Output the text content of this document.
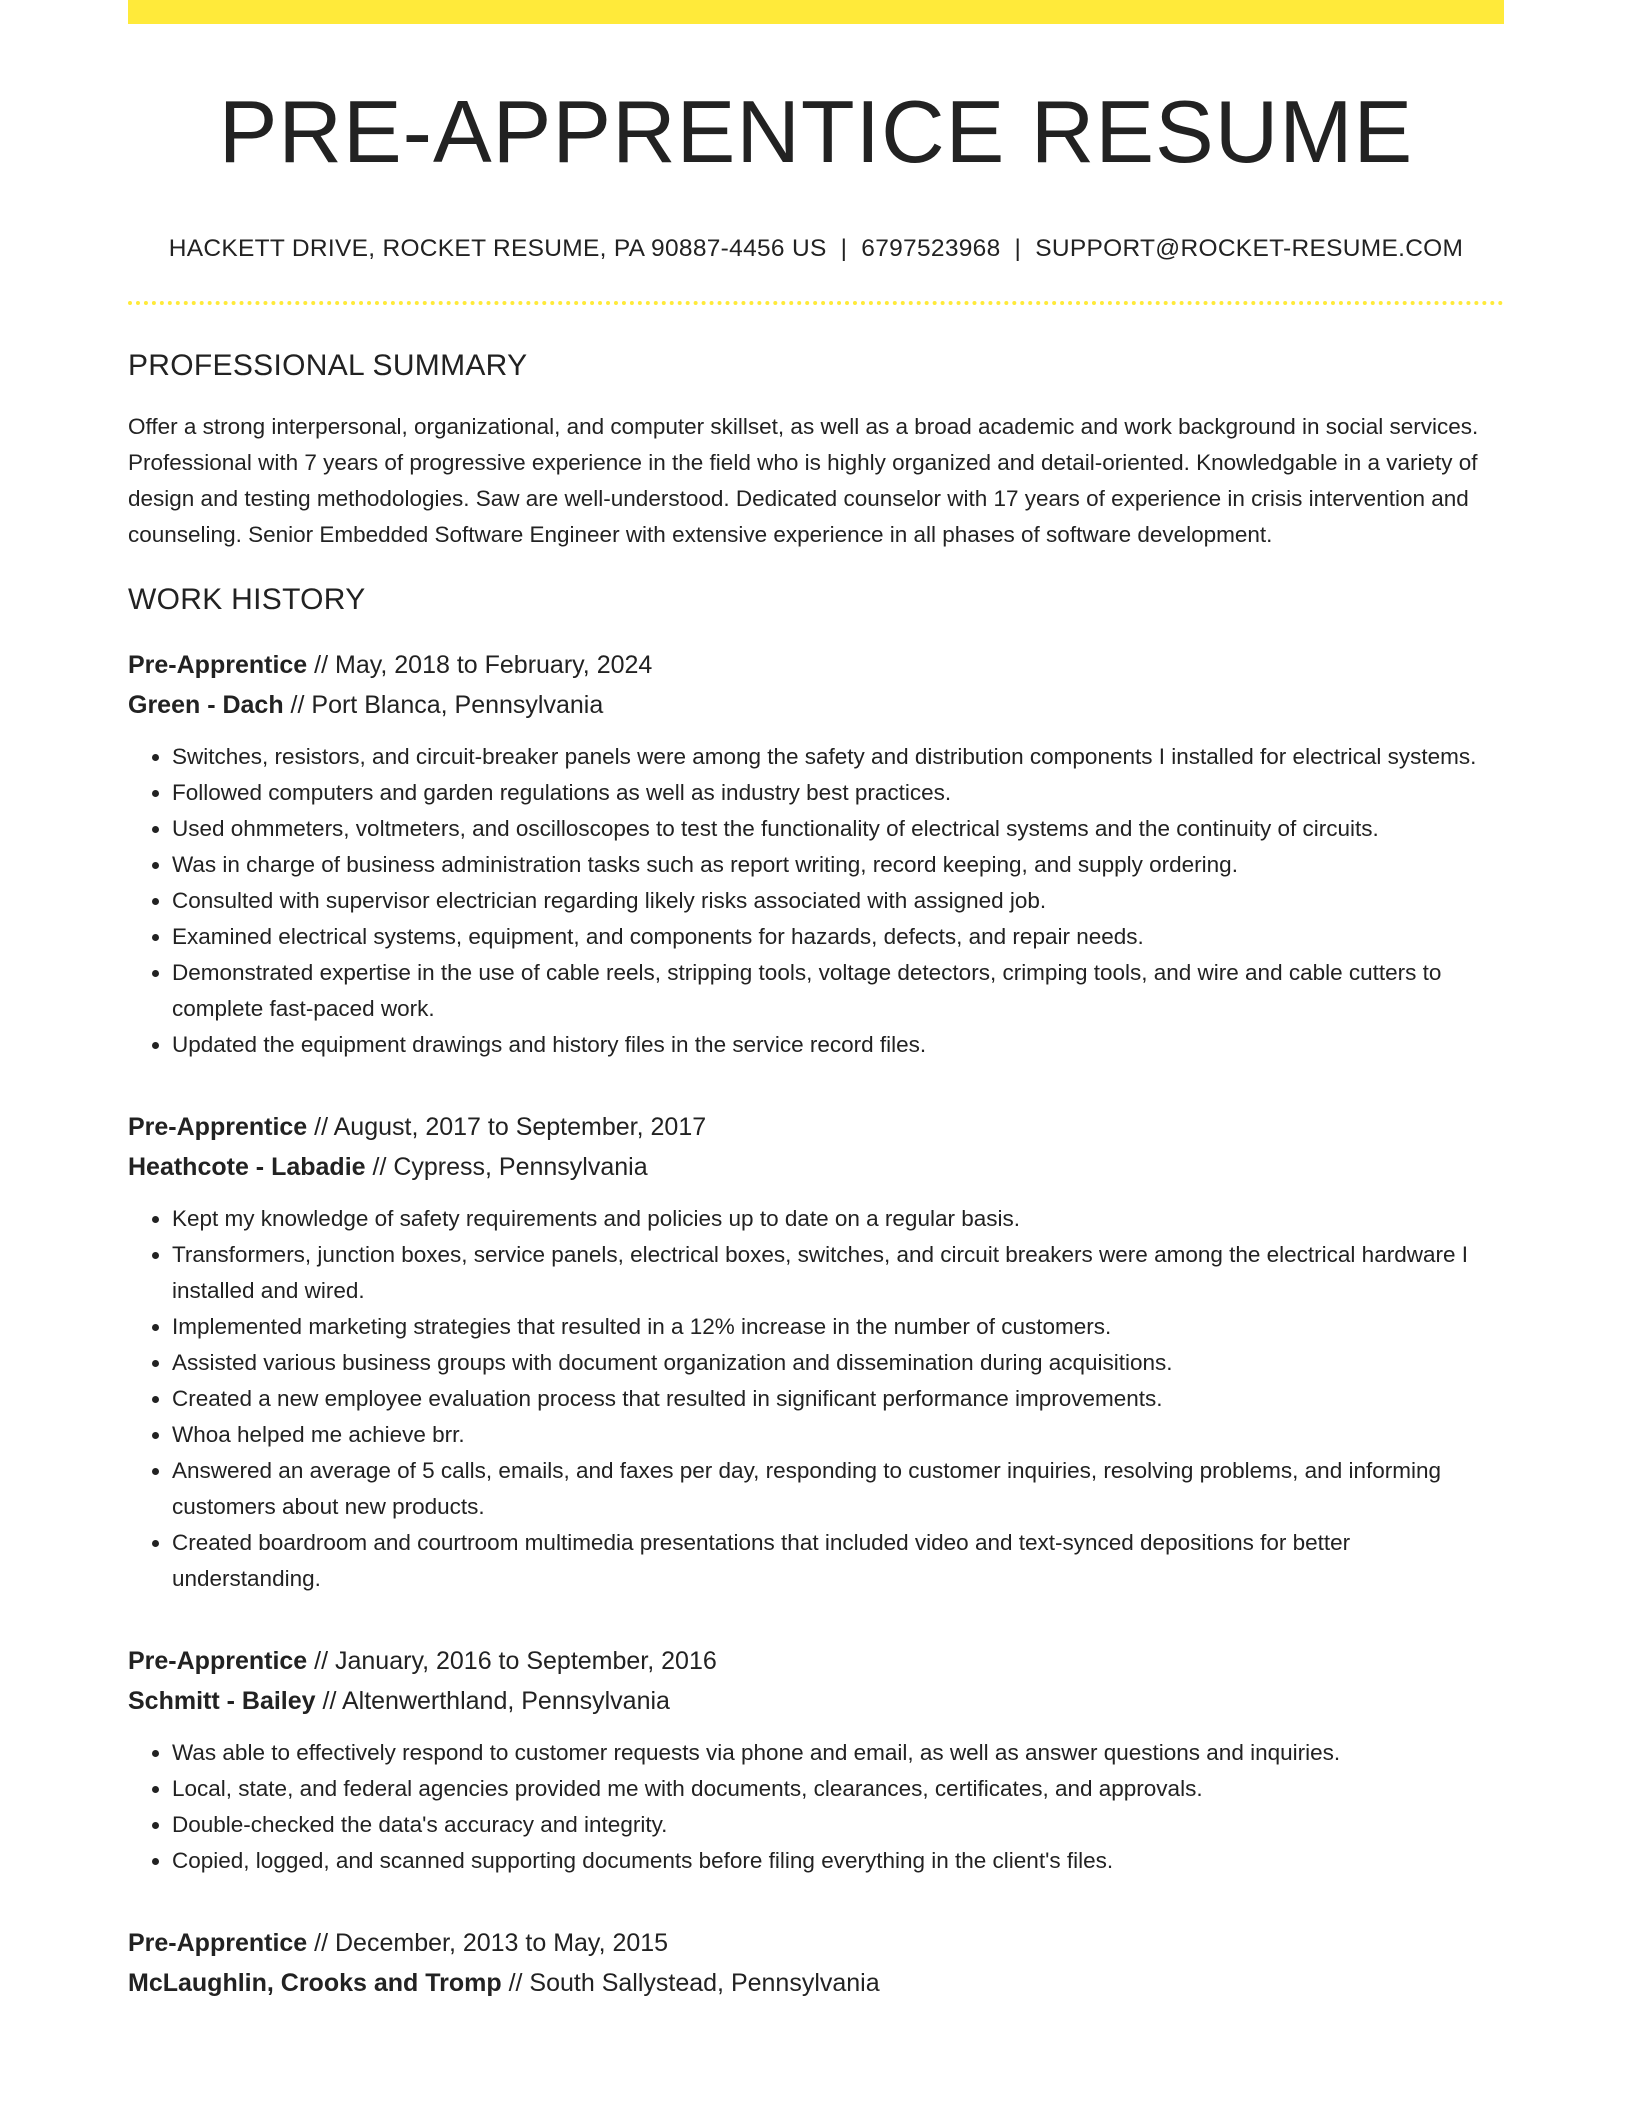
PRE-APPRENTICE RESUME
HACKETT DRIVE, ROCKET RESUME, PA 90887-4456 US | 6797523968 | SUPPORT@ROCKET-RESUME.COM
PROFESSIONAL SUMMARY

Offer a strong interpersonal, organizational, and computer skillset, as well as a broad academic and work background in social services. Professional with 7 years of progressive experience in the field who is highly organized and detail-oriented. Knowledgable in a variety of design and testing methodologies. Saw are well-understood. Dedicated counselor with 17 years of experience in crisis intervention and counseling. Senior Embedded Software Engineer with extensive experience in all phases of software development.

WORK HISTORY
Pre-Apprentice // May, 2018 to February, 2024
Green - Dach // Port Blanca, Pennsylvania
• Switches, resistors, and circuit-breaker panels were among the safety and distribution components I installed for electrical systems.
• Followed computers and garden regulations as well as industry best practices.
• Used ohmmeters, voltmeters, and oscilloscopes to test the functionality of electrical systems and the continuity of circuits.
• Was in charge of business administration tasks such as report writing, record keeping, and supply ordering.
• Consulted with supervisor electrician regarding likely risks associated with assigned job.
• Examined electrical systems, equipment, and components for hazards, defects, and repair needs.
• Demonstrated expertise in the use of cable reels, stripping tools, voltage detectors, crimping tools, and wire and cable cutters to complete fast-paced work.
• Updated the equipment drawings and history files in the service record files.
Pre-Apprentice // August, 2017 to September, 2017
Heathcote - Labadie // Cypress, Pennsylvania
• Kept my knowledge of safety requirements and policies up to date on a regular basis.
• Transformers, junction boxes, service panels, electrical boxes, switches, and circuit breakers were among the electrical hardware I installed and wired.
• Implemented marketing strategies that resulted in a 12% increase in the number of customers.
• Assisted various business groups with document organization and dissemination during acquisitions.
• Created a new employee evaluation process that resulted in significant performance improvements.
• Whoa helped me achieve brr.
• Answered an average of 5 calls, emails, and faxes per day, responding to customer inquiries, resolving problems, and informing customers about new products.
• Created boardroom and courtroom multimedia presentations that included video and text-synced depositions for better understanding.
Pre-Apprentice // January, 2016 to September, 2016
Schmitt - Bailey // Altenwerthland, Pennsylvania
• Was able to effectively respond to customer requests via phone and email, as well as answer questions and inquiries.
• Local, state, and federal agencies provided me with documents, clearances, certificates, and approvals.
• Double-checked the data's accuracy and integrity.
• Copied, logged, and scanned supporting documents before filing everything in the client's files.
Pre-Apprentice // December, 2013 to May, 2015
McLaughlin, Crooks and Tromp // South Sallystead, Pennsylvania
